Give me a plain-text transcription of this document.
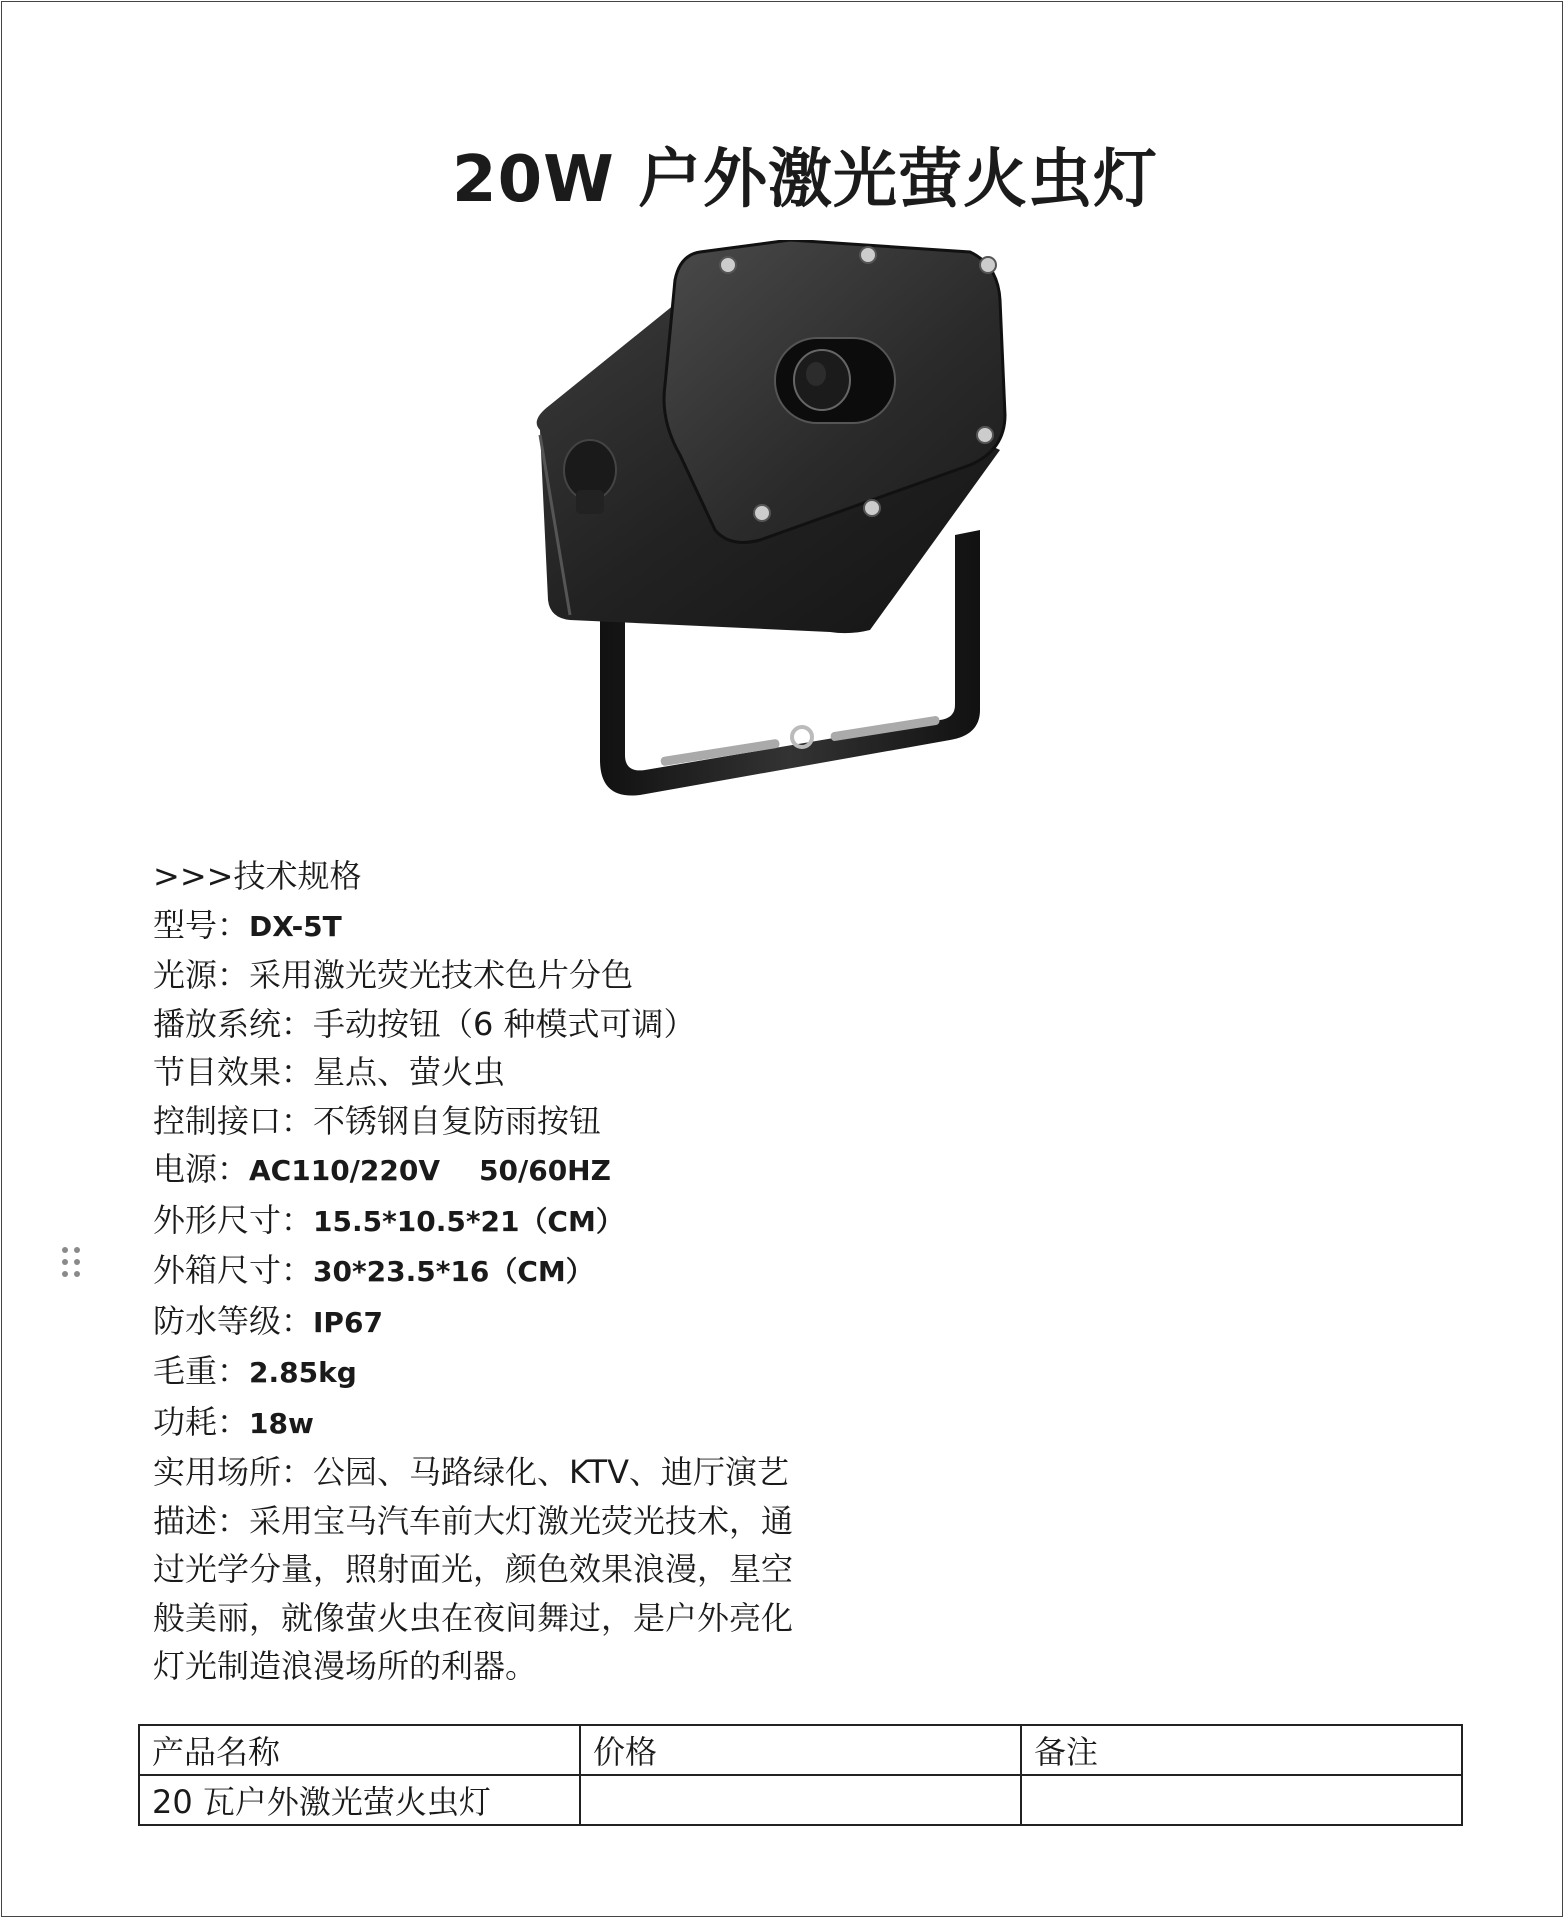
20W 户外激光萤火虫灯
>>>技术规格
型号：DX-5T
光源：采用激光荧光技术色片分色
播放系统：手动按钮（6 种模式可调）
节目效果：星点、萤火虫
控制接口：不锈钢自复防雨按钮
电源：AC110/220V    50/60HZ
外形尺寸：15.5*10.5*21（CM）
外箱尺寸：30*23.5*16（CM）
防水等级：IP67
毛重：2.85kg
功耗：18w
实用场所：公园、马路绿化、KTV、迪厅演艺
描述：采用宝马汽车前大灯激光荧光技术，通
过光学分量，照射面光，颜色效果浪漫，星空
般美丽，就像萤火虫在夜间舞过，是户外亮化
灯光制造浪漫场所的利器。
产品名称	价格	备注
20 瓦户外激光萤火虫灯		
